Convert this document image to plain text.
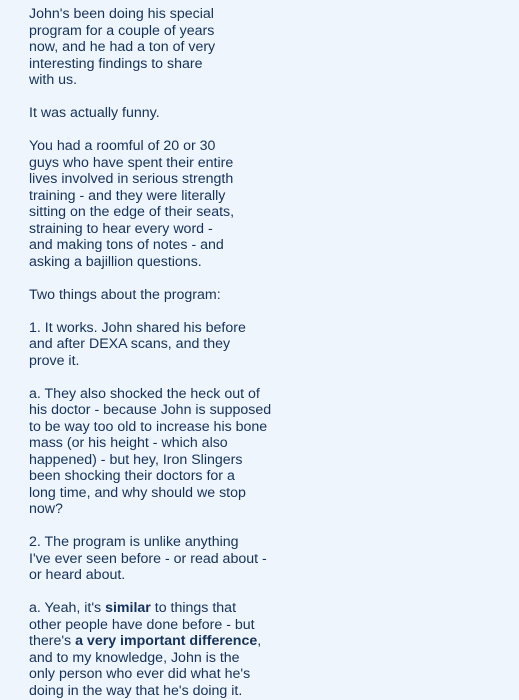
John's been doing his special
program for a couple of years
now, and he had a ton of very
interesting findings to share
with us.

It was actually funny.

You had a roomful of 20 or 30
guys who have spent their entire
lives involved in serious strength
training - and they were literally
sitting on the edge of their seats,
straining to hear every word -
and making tons of notes - and
asking a bajillion questions.

Two things about the program:

1. It works. John shared his before
and after DEXA scans, and they
prove it.

a. They also shocked the heck out of
his doctor - because John is supposed
to be way too old to increase his bone
mass (or his height - which also
happened) - but hey, Iron Slingers
been shocking their doctors for a
long time, and why should we stop
now?

2. The program is unlike anything
I've ever seen before - or read about -
or heard about.

a. Yeah, it's similar to things that
other people have done before - but
there's a very important difference,
and to my knowledge, John is the
only person who ever did what he's
doing in the way that he's doing it.
